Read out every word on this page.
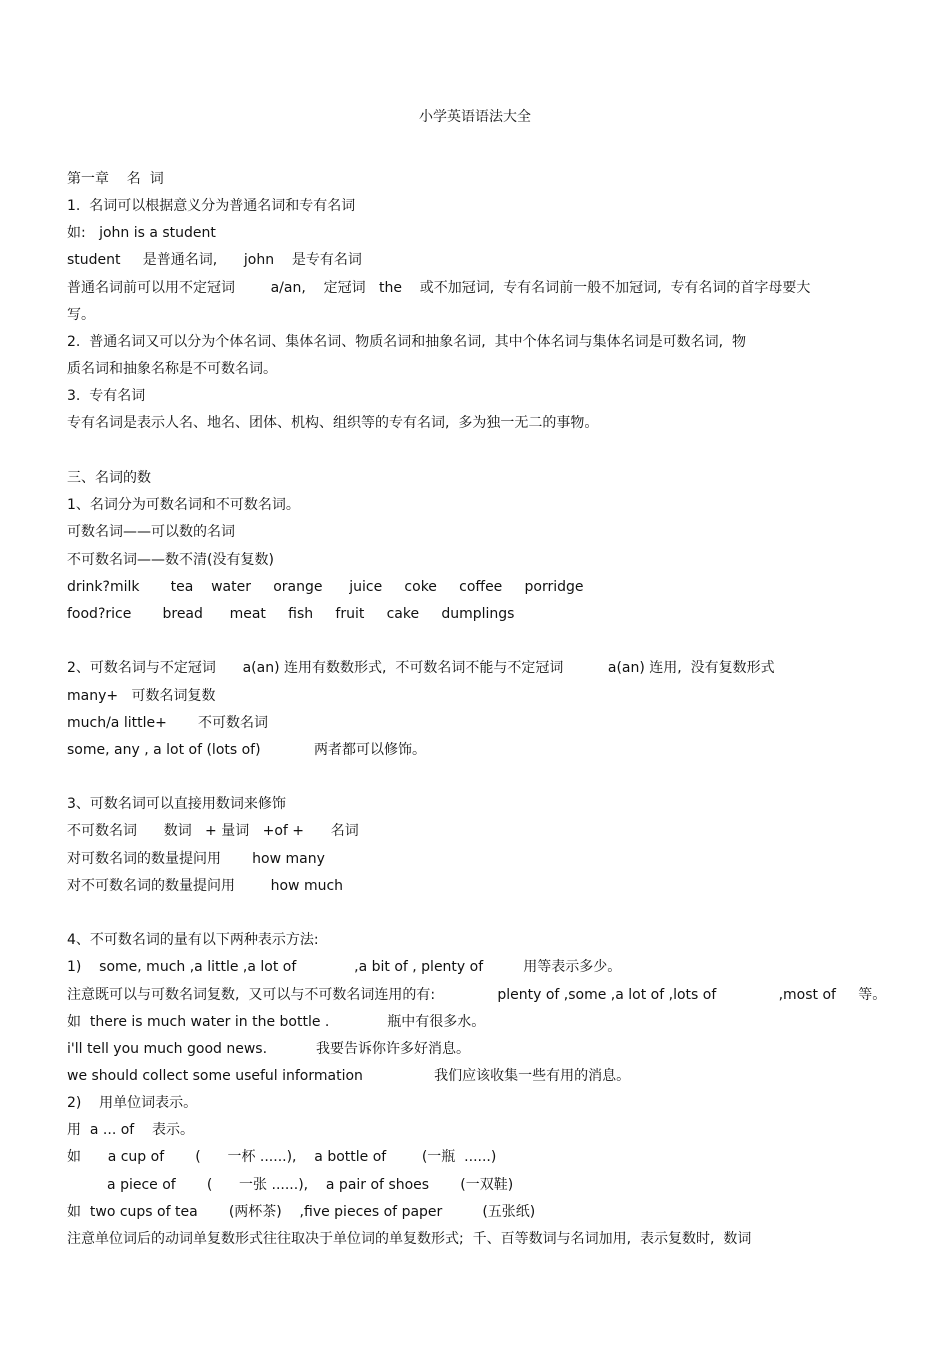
小学英语语法大全
第一章    名  词
1.  名词可以根据意义分为普通名词和专有名词
如:   john is a student
student     是普通名词,      john    是专有名词
普通名词前可以用不定冠词        a/an,    定冠词   the    或不加冠词,  专有名词前一般不加冠词,  专有名词的首字母要大
写。
2.  普通名词又可以分为个体名词、集体名词、物质名词和抽象名词,  其中个体名词与集体名词是可数名词,  物
质名词和抽象名称是不可数名词。
3.  专有名词
专有名词是表示人名、地名、团体、机构、组织等的专有名词,  多为独一无二的事物。
三、名词的数
1、名词分为可数名词和不可数名词。
可数名词——可以数的名词
不可数名词——数不清(没有复数)
drink?milk       tea    water     orange      juice     coke     coffee     porridge
food?rice       bread      meat     fish     fruit     cake     dumplings
2、可数名词与不定冠词      a(an) 连用有数数形式,  不可数名词不能与不定冠词          a(an) 连用,  没有复数形式
many+   可数名词复数
much/a little+       不可数名词
some, any , a lot of (lots of)            两者都可以修饰。
3、可数名词可以直接用数词来修饰
不可数名词      数词   + 量词   +of +      名词
对可数名词的数量提问用       how many
对不可数名词的数量提问用        how much
4、不可数名词的量有以下两种表示方法:
1)    some, much ,a little ,a lot of             ,a bit of , plenty of         用等表示多少。
注意既可以与可数名词复数,  又可以与不可数名词连用的有:              plenty of ,some ,a lot of ,lots of              ,most of     等。
如  there is much water in the bottle .             瓶中有很多水。
i'll tell you much good news.           我要告诉你许多好消息。
we should collect some useful information                我们应该收集一些有用的消息。
2)    用单位词表示。
用  a ... of    表示。
如      a cup of       (      一杯 ......),    a bottle of        (一瓶  ......)
a piece of       (      一张 ......),    a pair of shoes       (一双鞋)
如  two cups of tea       (两杯茶)    ,five pieces of paper         (五张纸)
注意单位词后的动词单复数形式往往取决于单位词的单复数形式;  千、百等数词与名词加用,  表示复数时,  数词
